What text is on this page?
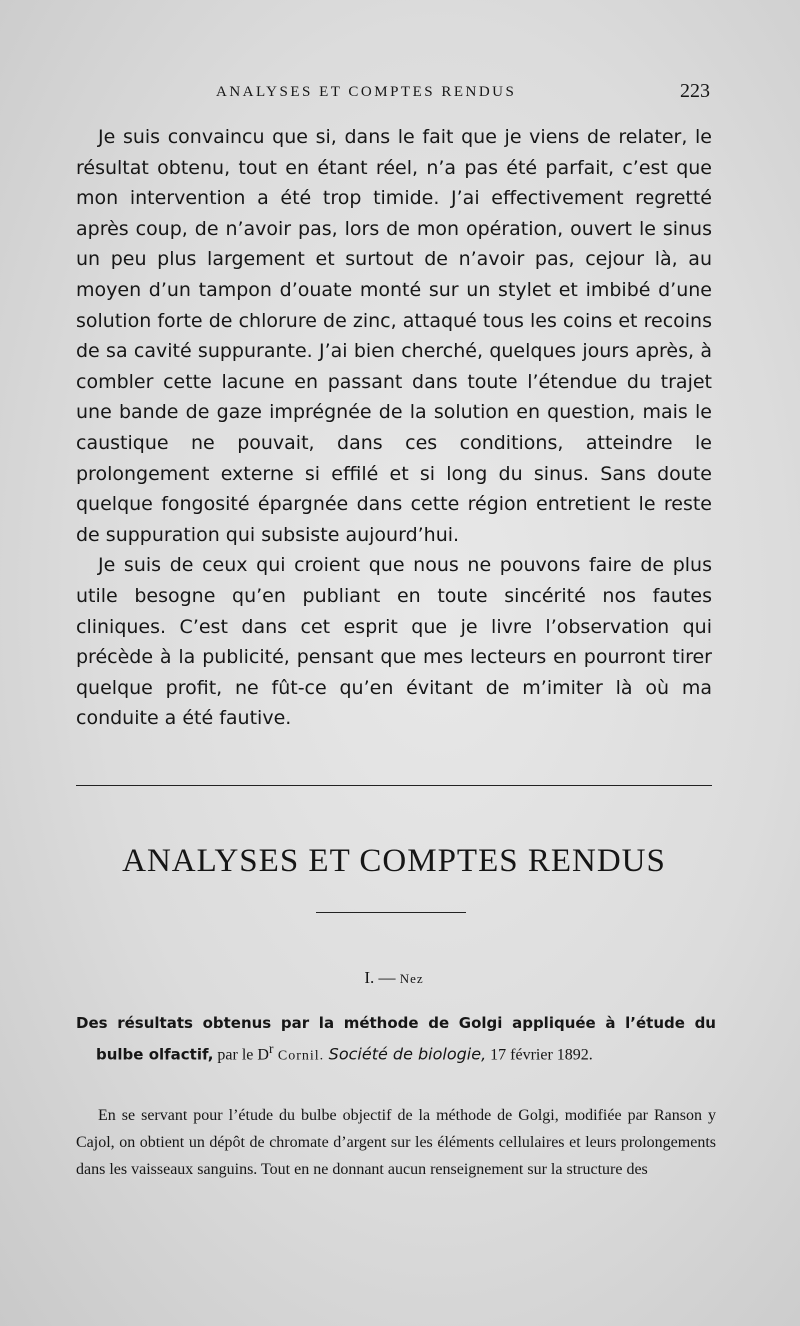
ANALYSES ET COMPTES RENDUS	223

Je suis convaincu que si, dans le fait que je viens de relater, le résultat obtenu, tout en étant réel, n’a pas été parfait, c’est que mon intervention a été trop timide. J’ai effectivement regretté après coup, de n’avoir pas, lors de mon opération, ouvert le sinus un peu plus largement et surtout de n’avoir pas, cejour là, au moyen d’un tampon d’ouate monté sur un stylet et imbibé d’une solution forte de chlorure de zinc, attaqué tous les coins et recoins de sa cavité suppurante. J’ai bien cherché, quelques jours après, à combler cette lacune en passant dans toute l’étendue du trajet une bande de gaze imprégnée de la solution en question, mais le caustique ne pouvait, dans ces conditions, atteindre le prolongement externe si effilé et si long du sinus. Sans doute quelque fongosité épargnée dans cette région entretient le reste de suppuration qui subsiste aujourd’hui.

Je suis de ceux qui croient que nous ne pouvons faire de plus utile besogne qu’en publiant en toute sincérité nos fautes cliniques. C’est dans cet esprit que je livre l’observation qui précède à la publicité, pensant que mes lecteurs en pourront tirer quelque profit, ne fût-ce qu’en évitant de m’imiter là où ma conduite a été fautive.

ANALYSES ET COMPTES RENDUS
I. — Nez
Des résultats obtenus par la méthode de Golgi appliquée à l’étude du bulbe olfactif, par le $D^r$ Cornil. Société de biologie, 17 février 1892.
En se servant pour l’étude du bulbe objectif de la méthode de Golgi, modifiée par Ranson y Cajol, on obtient un dépôt de chromate d’argent sur les éléments cellulaires et leurs prolongements dans les vaisseaux sanguins. Tout en ne donnant aucun renseignement sur la structure des
